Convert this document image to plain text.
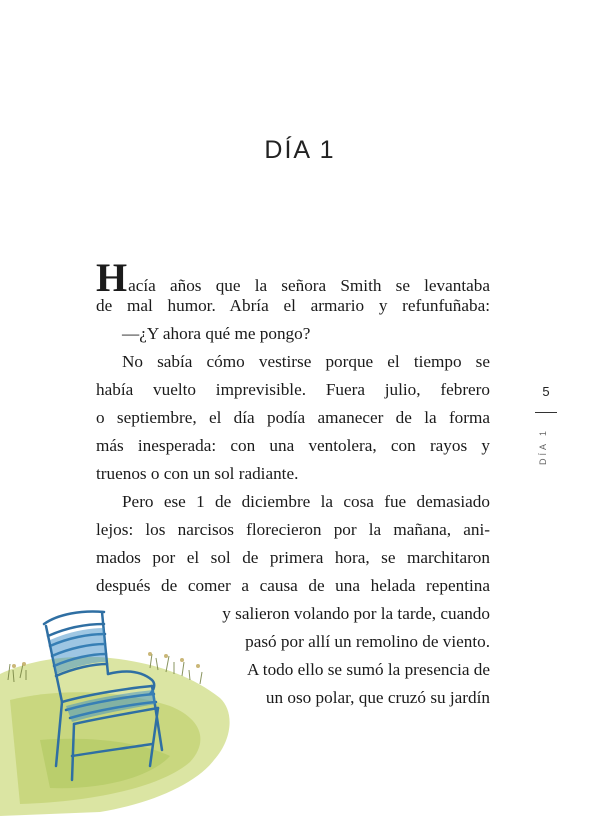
DÍA 1
Hacía años que la señora Smith se levantaba
de mal humor. Abría el armario y refunfuñaba:
—¿Y ahora qué me pongo?
No sabía cómo vestirse porque el tiempo se
había vuelto imprevisible. Fuera julio, febrero
o septiembre, el día podía amanecer de la forma
más inesperada: con una ventolera, con rayos y
truenos o con un sol radiante.
Pero ese 1 de diciembre la cosa fue demasiado
lejos: los narcisos florecieron por la mañana, ani-
mados por el sol de primera hora, se marchitaron
después de comer a causa de una helada repentina
y salieron volando por la tarde, cuando
pasó por allí un remolino de viento.
A todo ello se sumó la presencia de
un oso polar, que cruzó su jardín
5
DÍA 1
